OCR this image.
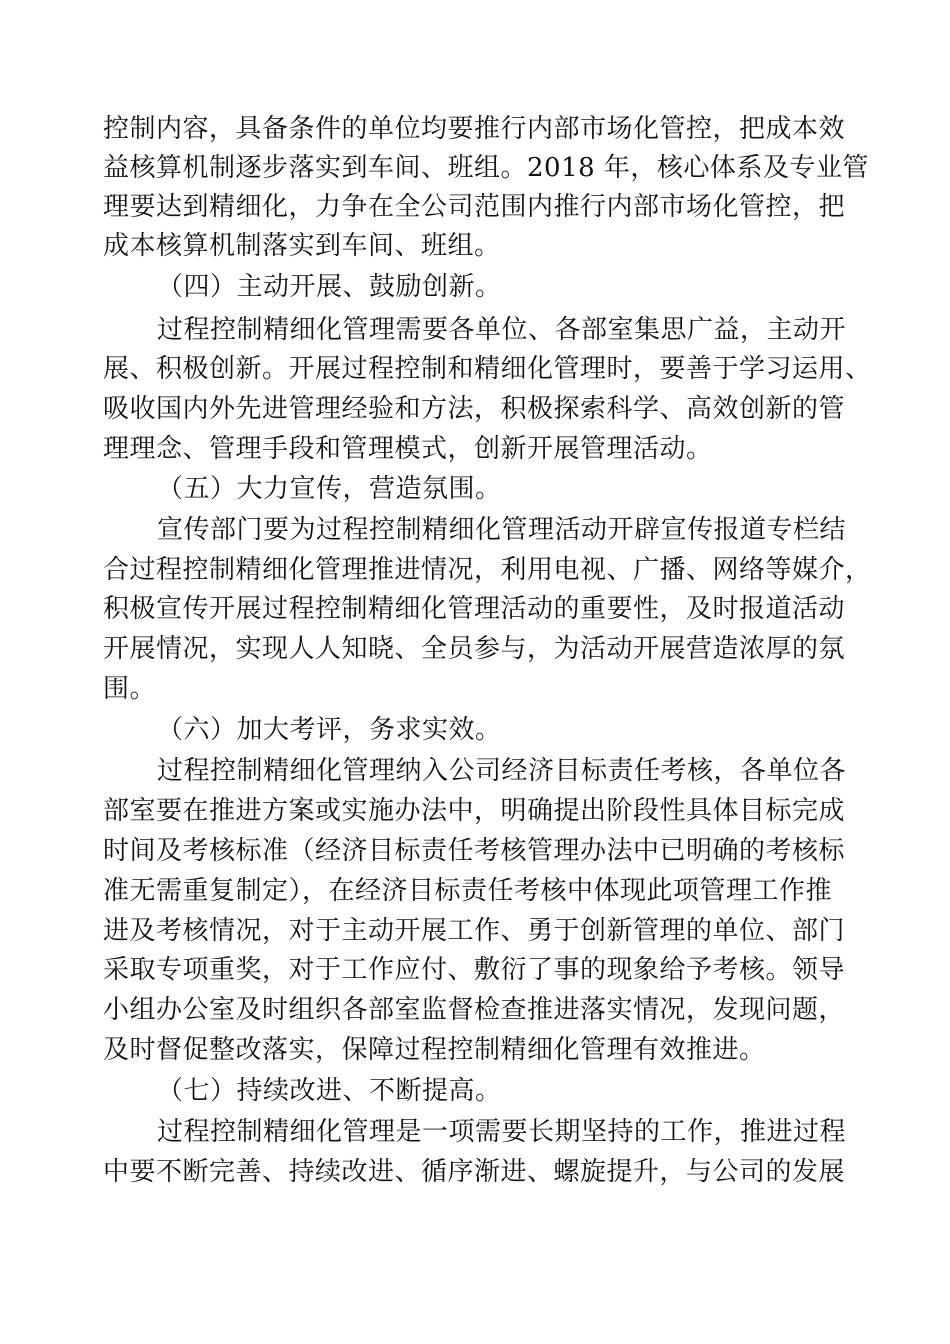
控制内容，具备条件的单位均要推行内部市场化管控，把成本效
益核算机制逐步落实到车间、班组。2018 年，核心体系及专业管
理要达到精细化，力争在全公司范围内推行内部市场化管控，把
成本核算机制落实到车间、班组。
（四）主动开展、鼓励创新。
过程控制精细化管理需要各单位、各部室集思广益，主动开
展、积极创新。开展过程控制和精细化管理时，要善于学习运用、
吸收国内外先进管理经验和方法，积极探索科学、高效创新的管
理理念、管理手段和管理模式，创新开展管理活动。
（五）大力宣传，营造氛围。
宣传部门要为过程控制精细化管理活动开辟宣传报道专栏结
合过程控制精细化管理推进情况，利用电视、广播、网络等媒介，
积极宣传开展过程控制精细化管理活动的重要性，及时报道活动
开展情况，实现人人知晓、全员参与，为活动开展营造浓厚的氛
围。
（六）加大考评，务求实效。
过程控制精细化管理纳入公司经济目标责任考核，各单位各
部室要在推进方案或实施办法中，明确提出阶段性具体目标完成
时间及考核标准（经济目标责任考核管理办法中已明确的考核标
准无需重复制定），在经济目标责任考核中体现此项管理工作推
进及考核情况，对于主动开展工作、勇于创新管理的单位、部门
采取专项重奖，对于工作应付、敷衍了事的现象给予考核。领导
小组办公室及时组织各部室监督检查推进落实情况，发现问题，
及时督促整改落实，保障过程控制精细化管理有效推进。
（七）持续改进、不断提高。
过程控制精细化管理是一项需要长期坚持的工作，推进过程
中要不断完善、持续改进、循序渐进、螺旋提升，与公司的发展
